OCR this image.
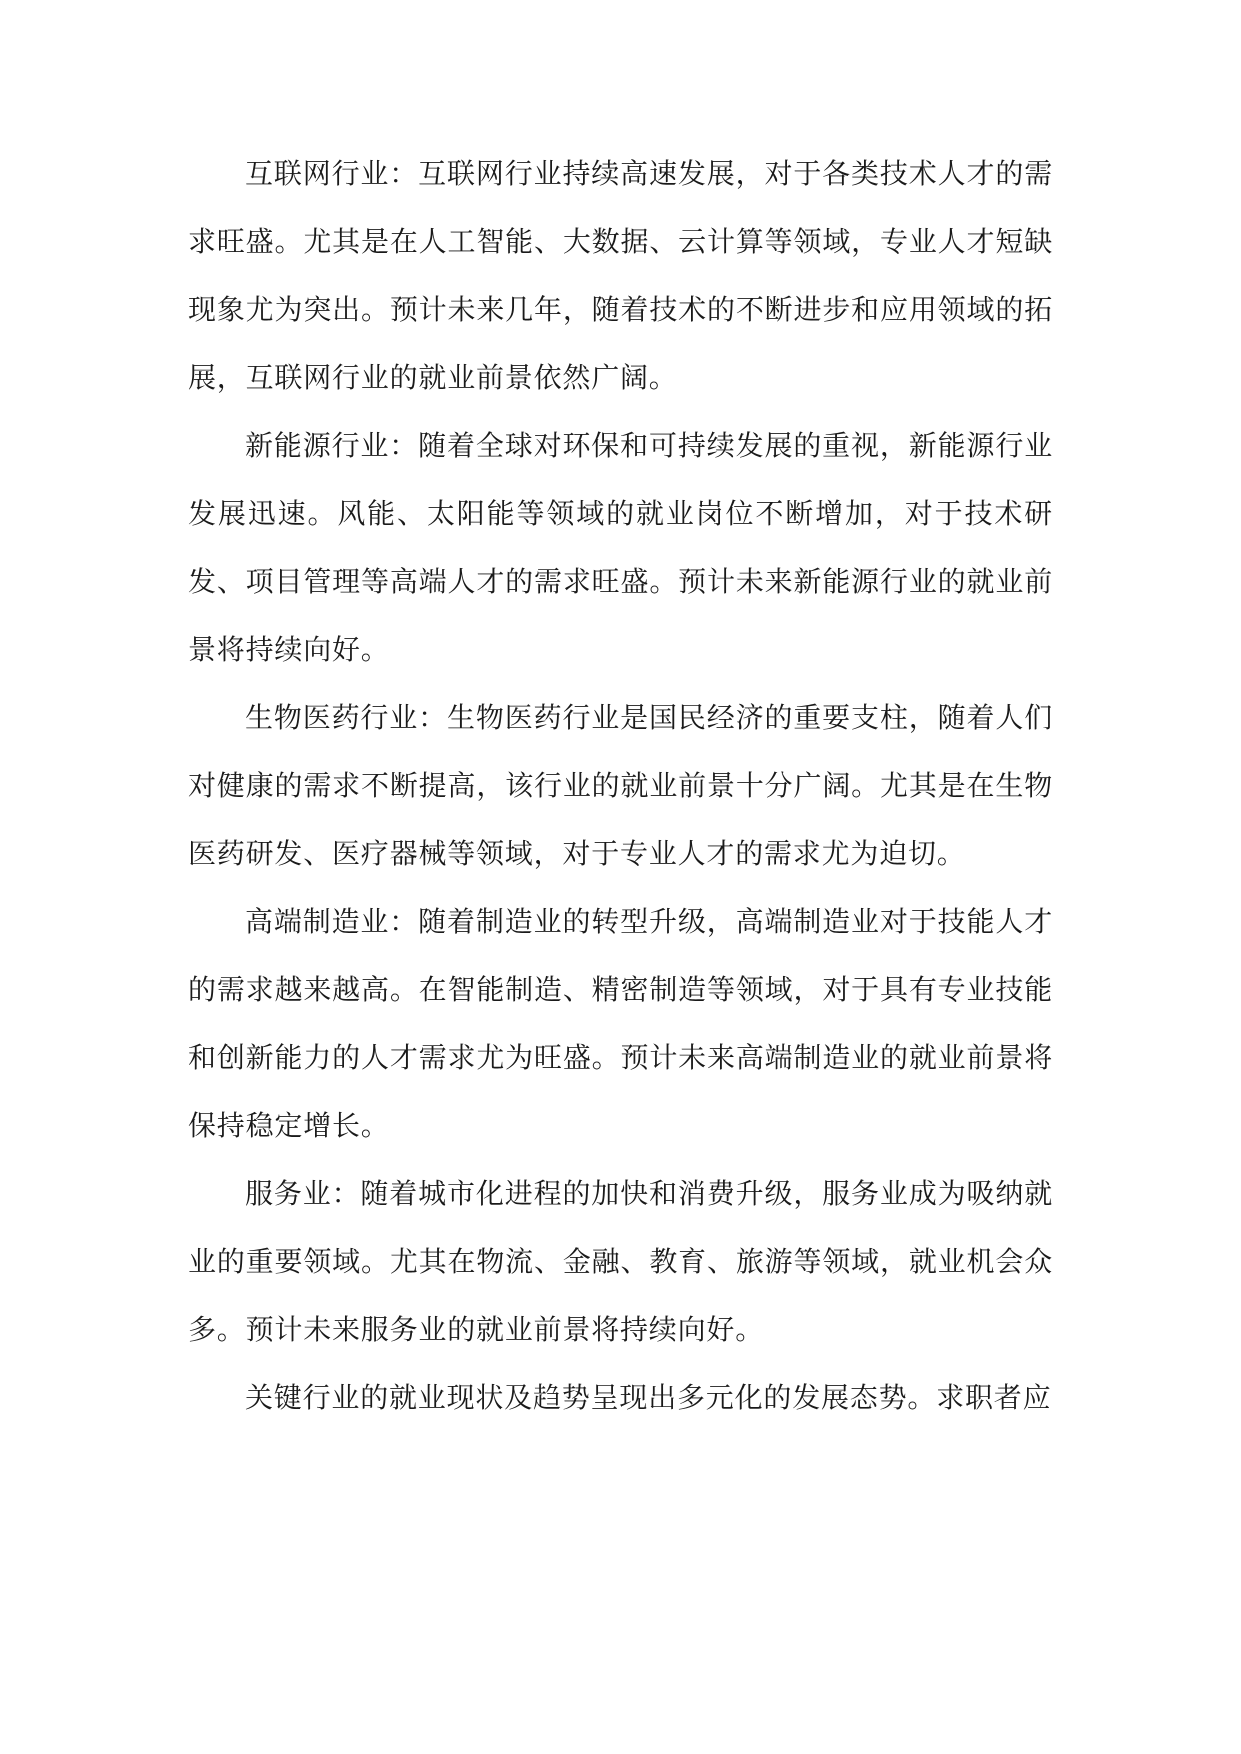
互联网行业：互联网行业持续高速发展，对于各类技术人才的需求旺盛。尤其是在人工智能、大数据、云计算等领域，专业人才短缺现象尤为突出。预计未来几年，随着技术的不断进步和应用领域的拓展，互联网行业的就业前景依然广阔。

新能源行业：随着全球对环保和可持续发展的重视，新能源行业发展迅速。风能、太阳能等领域的就业岗位不断增加，对于技术研发、项目管理等高端人才的需求旺盛。预计未来新能源行业的就业前景将持续向好。

生物医药行业：生物医药行业是国民经济的重要支柱，随着人们对健康的需求不断提高，该行业的就业前景十分广阔。尤其是在生物医药研发、医疗器械等领域，对于专业人才的需求尤为迫切。

高端制造业：随着制造业的转型升级，高端制造业对于技能人才的需求越来越高。在智能制造、精密制造等领域，对于具有专业技能和创新能力的人才需求尤为旺盛。预计未来高端制造业的就业前景将保持稳定增长。

服务业：随着城市化进程的加快和消费升级，服务业成为吸纳就业的重要领域。尤其在物流、金融、教育、旅游等领域，就业机会众多。预计未来服务业的就业前景将持续向好。

关键行业的就业现状及趋势呈现出多元化的发展态势。求职者应
